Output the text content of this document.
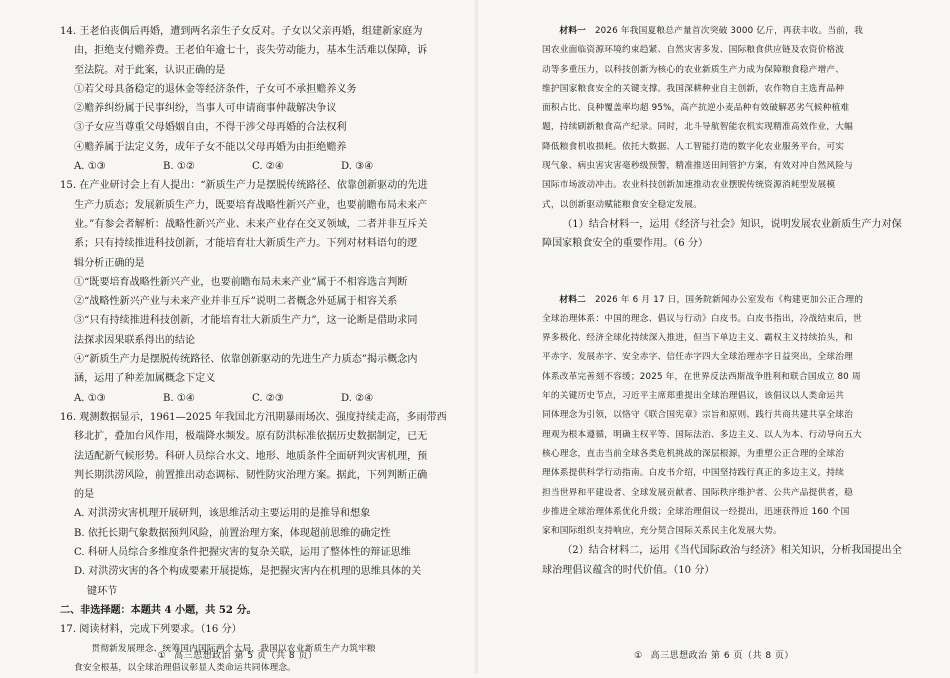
14. 王老伯丧偶后再婚，遭到两名亲生子女反对。子女以父亲再婚，组建新家庭为

由，拒绝支付赡养费。王老伯年逾七十，丧失劳动能力，基本生活难以保障，诉

至法院。对于此案，认识正确的是

①若父母具备稳定的退休金等经济条件，子女可不承担赡养义务

②赡养纠纷属于民事纠纷，当事人可申请商事仲裁解决争议

③子女应当尊重父母婚姻自由，不得干涉父母再婚的合法权利

④赡养属于法定义务，成年子女不能以父母再婚为由拒绝赡养

A. ①③	B. ①②	C. ②④	D. ③④

15. 在产业研讨会上有人提出：“新质生产力是摆脱传统路径、依靠创新驱动的先进

生产力质态；发展新质生产力，既要培育战略性新兴产业，也要前瞻布局未来产

业。”有参会者解析：战略性新兴产业、未来产业存在交叉领域，二者并非互斥关

系；只有持续推进科技创新，才能培育壮大新质生产力。下列对材料语句的逻

辑分析正确的是

①“既要培育战略性新兴产业，也要前瞻布局未来产业”属于不相容选言判断

②“战略性新兴产业与未来产业并非互斥”说明二者概念外延属于相容关系

③“只有持续推进科技创新，才能培育壮大新质生产力”，这一论断是借助求同

法探求因果联系得出的结论

④“新质生产力是摆脱传统路径、依靠创新驱动的先进生产力质态”揭示概念内

涵，运用了种差加属概念下定义

A. ①③	B. ①④	C. ②③	D. ②④

16. 观测数据显示，1961—2025 年我国北方汛期暴雨场次、强度持续走高，多雨带西

移北扩，叠加台风作用，极端降水频发。原有防洪标准依据历史数据制定，已无

法适配新气候形势。科研人员综合水文、地形、地质条件全面研判灾害机理，预

判长期洪涝风险，前置推出动态调标、韧性防灾治理方案。据此，下列判断正确

的是

A. 对洪涝灾害机理开展研判，该思维活动主要运用的是推导和想象

B. 依托长期气象数据预判风险，前置治理方案，体现超前思维的确定性

C. 科研人员综合多维度条件把握灾害的复杂关联，运用了整体性的辩证思维

D. 对洪涝灾害的各个构成要素开展提炼，是把握灾害内在机理的思维具体的关

键环节

二、非选择题：本题共 4 小题，共 52 分。

17. 阅读材料，完成下列要求。（16 分）

贯彻新发展理念、统筹国内国际两个大局，我国以农业新质生产力筑牢粮

食安全根基，以全球治理倡议彰显人类命运共同体理念。

① 高三思想政治 第 5 页（共 8 页）

材料一 2026 年我国夏粮总产量首次突破 3000 亿斤，再获丰收。当前，我

国农业面临资源环境约束趋紧、自然灾害多发、国际粮食供应链及农资价格波

动等多重压力，以科技创新为核心的农业新质生产力成为保障粮食稳产增产、

维护国家粮食安全的关键支撑。我国深耕种业自主创新，农作物自主选育品种

面积占比、良种覆盖率均超 95%，高产抗逆小麦品种有效破解恶劣气候种植难

题，持续刷新粮食高产纪录。同时，北斗导航智能农机实现精准高效作业，大幅

降低粮食机收损耗。依托大数据、人工智能打造的数字化农业服务平台，可实

现气象、病虫害灾害毫秒级预警，精准推送田间管护方案，有效对冲自然风险与

国际市场波动冲击。农业科技创新加速推动农业摆脱传统资源消耗型发展模

式，以创新驱动赋能粮食安全稳定发展。

（1）结合材料一，运用《经济与社会》知识，说明发展农业新质生产力对保

障国家粮食安全的重要作用。（6 分）

材料二 2026 年 6 月 17 日，国务院新闻办公室发布《构建更加公正合理的

全球治理体系：中国的理念、倡议与行动》白皮书。白皮书指出，冷战结束后，世

界多极化、经济全球化持续深入推进，但当下单边主义、霸权主义持续抬头，和

平赤字、发展赤字、安全赤字、信任赤字四大全球治理赤字日益突出，全球治理

体系改革完善刻不容缓；2025 年，在世界反法西斯战争胜利和联合国成立 80 周

年的关键历史节点，习近平主席郑重提出全球治理倡议，该倡议以人类命运共

同体理念为引领，以恪守《联合国宪章》宗旨和原则、践行共商共建共享全球治

理观为根本遵循，明确主权平等、国际法治、多边主义、以人为本、行动导向五大

核心理念，直击当前全球各类危机挑战的深层根源，为重塑公正合理的全球治

理体系提供科学行动指南。白皮书介绍，中国坚持践行真正的多边主义，持续

担当世界和平建设者、全球发展贡献者、国际秩序维护者、公共产品提供者，稳

步推进全球治理体系优化升级；全球治理倡议一经提出，迅速获得近 160 个国

家和国际组织支持响应，充分契合国际关系民主化发展大势。

（2）结合材料二，运用《当代国际政治与经济》相关知识，分析我国提出全

球治理倡议蕴含的时代价值。（10 分）

① 高三思想政治 第 6 页（共 8 页）
